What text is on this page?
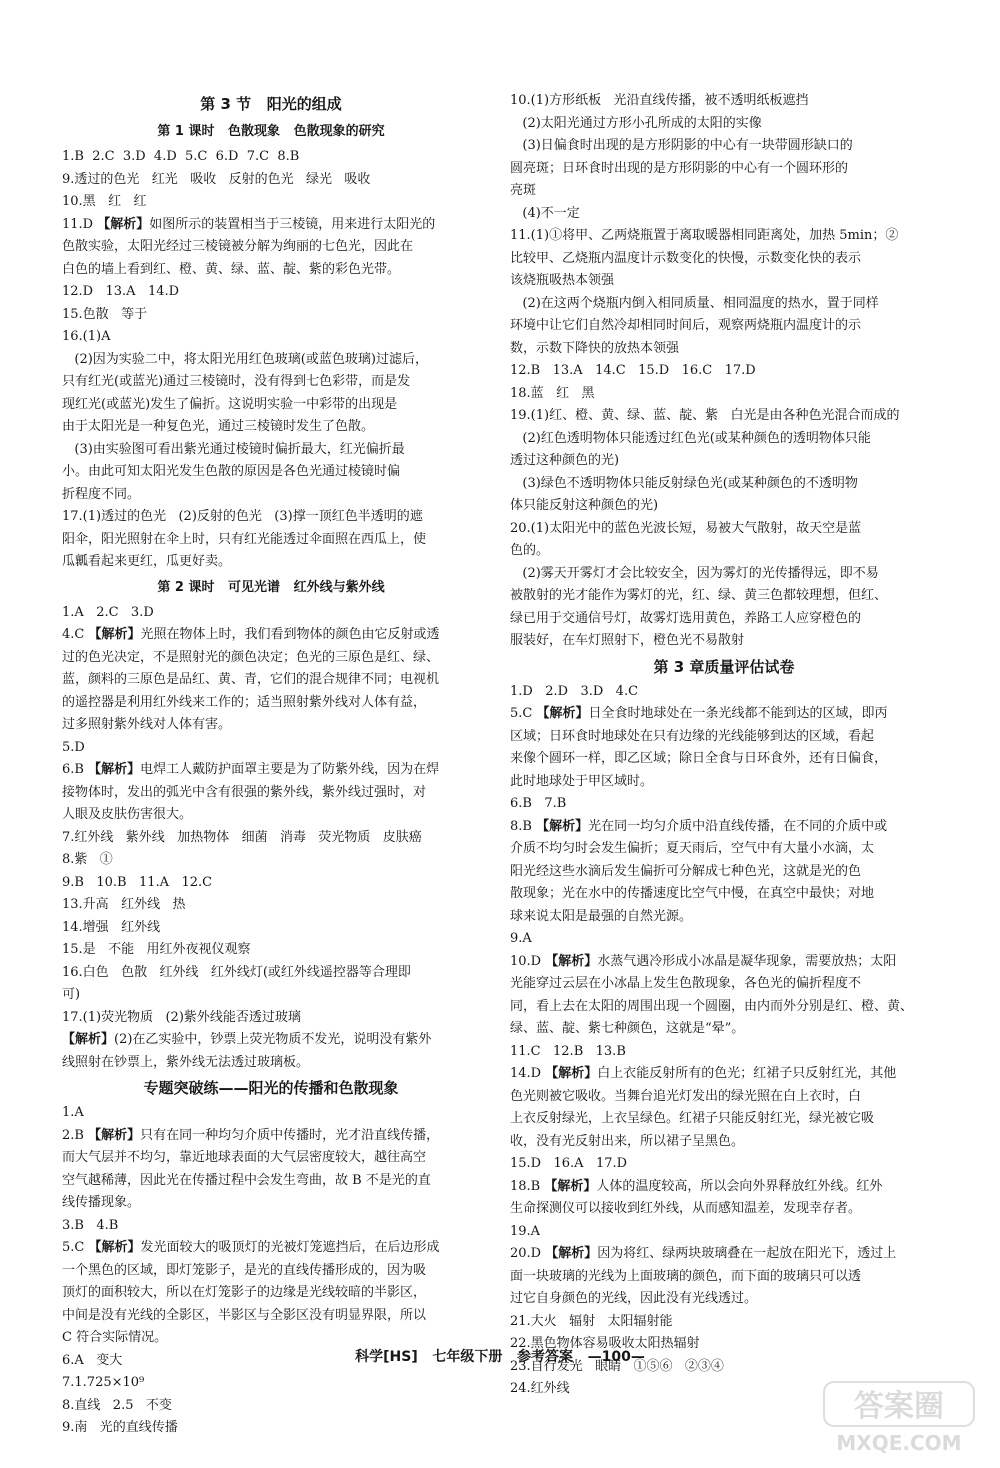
第 3 节   阳光的组成
第 1 课时   色散现象   色散现象的研究
1.B  2.C  3.D  4.D  5.C  6.D  7.C  8.B
9.透过的色光   红光   吸收   反射的色光   绿光   吸收
10.黑   红   红
11.D 【解析】如图所示的装置相当于三棱镜，用来进行太阳光的
色散实验，太阳光经过三棱镜被分解为绚丽的七色光，因此在
白色的墙上看到红、橙、黄、绿、蓝、靛、紫的彩色光带。
12.D   13.A   14.D
15.色散   等于
16.(1)A
(2)因为实验二中，将太阳光用红色玻璃(或蓝色玻璃)过滤后，
只有红光(或蓝光)通过三棱镜时，没有得到七色彩带，而是发
现红光(或蓝光)发生了偏折。这说明实验一中彩带的出现是
由于太阳光是一种复色光，通过三棱镜时发生了色散。
(3)由实验图可看出紫光通过棱镜时偏折最大，红光偏折最
小。由此可知太阳光发生色散的原因是各色光通过棱镜时偏
折程度不同。
17.(1)透过的色光   (2)反射的色光   (3)撑一顶红色半透明的遮
阳伞，阳光照射在伞上时，只有红光能透过伞面照在西瓜上，使
瓜瓤看起来更红，瓜更好卖。
第 2 课时   可见光谱   红外线与紫外线
1.A   2.C   3.D
4.C 【解析】光照在物体上时，我们看到物体的颜色由它反射或透
过的色光决定，不是照射光的颜色决定；色光的三原色是红、绿、
蓝，颜料的三原色是品红、黄、青，它们的混合规律不同；电视机
的遥控器是利用红外线来工作的；适当照射紫外线对人体有益，
过多照射紫外线对人体有害。
5.D
6.B 【解析】电焊工人戴防护面罩主要是为了防紫外线，因为在焊
接物体时，发出的弧光中含有很强的紫外线，紫外线过强时，对
人眼及皮肤伤害很大。
7.红外线   紫外线   加热物体   细菌   消毒   荧光物质   皮肤癌
8.紫   ①
9.B   10.B   11.A   12.C
13.升高   红外线   热
14.增强   红外线
15.是   不能   用红外夜视仪观察
16.白色   色散   红外线   红外线灯(或红外线遥控器等合理即
可)
17.(1)荧光物质   (2)紫外线能否透过玻璃
【解析】(2)在乙实验中，钞票上荧光物质不发光，说明没有紫外
线照射在钞票上，紫外线无法透过玻璃板。
专题突破练——阳光的传播和色散现象
1.A
2.B 【解析】只有在同一种均匀介质中传播时，光才沿直线传播，
而大气层并不均匀，靠近地球表面的大气层密度较大，越往高空
空气越稀薄，因此光在传播过程中会发生弯曲，故 B 不是光的直
线传播现象。
3.B   4.B
5.C 【解析】发光面较大的吸顶灯的光被灯笼遮挡后，在后边形成
一个黑色的区域，即灯笼影子，是光的直线传播形成的，因为吸
顶灯的面积较大，所以在灯笼影子的边缘是光线较暗的半影区，
中间是没有光线的全影区，半影区与全影区没有明显界限，所以
C 符合实际情况。
6.A   变大
7.1.725×10⁹
8.直线   2.5   不变
9.南   光的直线传播
10.(1)方形纸板   光沿直线传播，被不透明纸板遮挡
(2)太阳光通过方形小孔所成的太阳的实像
(3)日偏食时出现的是方形阴影的中心有一块带圆形缺口的
圆亮斑；日环食时出现的是方形阴影的中心有一个圆环形的
亮斑
(4)不一定
11.(1)①将甲、乙两烧瓶置于离取暖器相同距离处，加热 5min；②
比较甲、乙烧瓶内温度计示数变化的快慢，示数变化快的表示
该烧瓶吸热本领强
(2)在这两个烧瓶内倒入相同质量、相同温度的热水，置于同样
环境中让它们自然冷却相同时间后，观察两烧瓶内温度计的示
数，示数下降快的放热本领强
12.B   13.A   14.C   15.D   16.C   17.D
18.蓝   红   黑
19.(1)红、橙、黄、绿、蓝、靛、紫   白光是由各种色光混合而成的
(2)红色透明物体只能透过红色光(或某种颜色的透明物体只能
透过这种颜色的光)
(3)绿色不透明物体只能反射绿色光(或某种颜色的不透明物
体只能反射这种颜色的光)
20.(1)太阳光中的蓝色光波长短，易被大气散射，故天空是蓝
色的。
(2)雾天开雾灯才会比较安全，因为雾灯的光传播得远，即不易
被散射的光才能作为雾灯的光，红、绿、黄三色都较理想，但红、
绿已用于交通信号灯，故雾灯选用黄色，养路工人应穿橙色的
服装好，在车灯照射下，橙色光不易散射
第 3 章质量评估试卷
1.D   2.D   3.D   4.C
5.C 【解析】日全食时地球处在一条光线都不能到达的区域，即丙
区域；日环食时地球处在只有边缘的光线能够到达的区域，看起
来像个圆环一样，即乙区域；除日全食与日环食外，还有日偏食，
此时地球处于甲区域时。
6.B   7.B
8.B 【解析】光在同一均匀介质中沿直线传播，在不同的介质中或
介质不均匀时会发生偏折；夏天雨后，空气中有大量小水滴，太
阳光经这些水滴后发生偏折可分解成七种色光，这就是光的色
散现象；光在水中的传播速度比空气中慢，在真空中最快；对地
球来说太阳是最强的自然光源。
9.A
10.D 【解析】水蒸气遇冷形成小冰晶是凝华现象，需要放热；太阳
光能穿过云层在小冰晶上发生色散现象，各色光的偏折程度不
同，看上去在太阳的周围出现一个圆圈，由内而外分别是红、橙、黄、
绿、蓝、靛、紫七种颜色，这就是“晕”。
11.C   12.B   13.B
14.D 【解析】白上衣能反射所有的色光；红裙子只反射红光，其他
色光则被它吸收。当舞台追光灯发出的绿光照在白上衣时，白
上衣反射绿光，上衣呈绿色。红裙子只能反射红光，绿光被它吸
收，没有光反射出来，所以裙子呈黑色。
15.D   16.A   17.D
18.B 【解析】人体的温度较高，所以会向外界释放红外线。红外
生命探测仪可以接收到红外线，从而感知温差，发现幸存者。
19.A
20.D 【解析】因为将红、绿两块玻璃叠在一起放在阳光下，透过上
面一块玻璃的光线为上面玻璃的颜色，而下面的玻璃只可以透
过它自身颜色的光线，因此没有光线透过。
21.大火   辐射   太阳辐射能
22.黑色物体容易吸收太阳热辐射
23.自行发光   眼睛   ①⑤⑥   ②③④
24.红外线
科学[HS]   七年级下册   参考答案   —100—
答案圈
MXQE.COM
